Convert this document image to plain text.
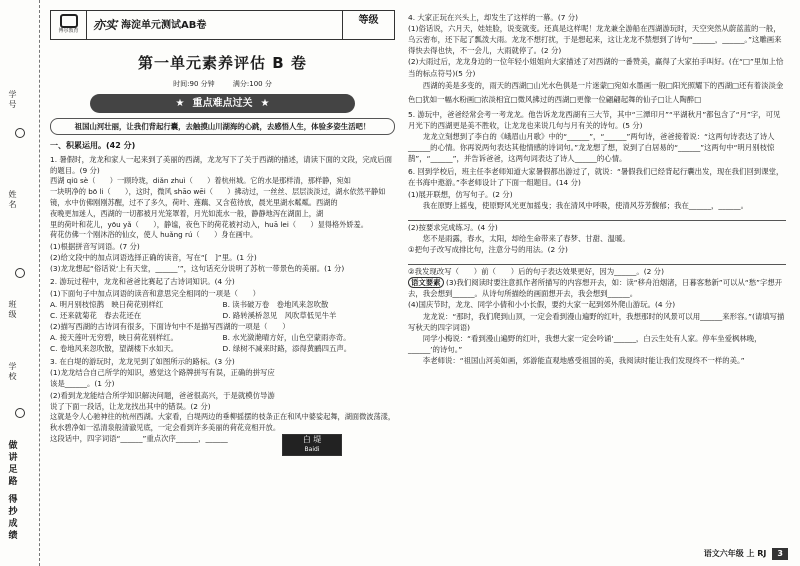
学号
姓名
班级
学校
做讲足路 得抄成绩
博尔教育 亦实 海淀单元测试AB卷	等级
第一单元素养评估 B 卷
时间:90 分钟	满分:100 分
★ 重点难点过关 ★
祖国山河壮丽，让我们背起行囊，去触摸山川湖海的心跳，去感悟人生，体验多姿生活吧！
一、积累运用。(42 分)

1. 暑假时，龙龙和家人一起来到了美丽的西湖，龙龙写下了关于西湖的描述，请读下面的文段，完成后面的题目。(9 分)

西湖 qiū sè（　　）一顾玲珑，diǎn zhuì（　　）着杭州城。它的水是那样清，那样静，宛如

一块明净的 bō li（　　），这时，微风 shāo wēi（　　）拂动过，一丝丝、层层淡淡过，湖水依然平静如

镜，水中仿佛刚刚苏醒，过不了多久，荷叶、莲藕、又含苞待放，晨光里湖水粼粼。西湖的

夜晚更加迷人，西湖的一切都被月光笼罩着，月光如流水一般，静静地泻在湖面上，湖

里的荷叶和花儿，yōu yǎ（　　），静谧，夜色下的荷花被衬动入，huā lei（　　）显得格外娇羞。

荷花仿佛一个刚沐浴的仙女，使人 huǎng rú（　　）身在画中。

(1)根据拼音写词语。(7 分)

(2)给文段中的加点词语选择正确的读音，写在“[　]”里。(1 分)

(3)龙龙想起“俗话说‘上有天堂，______’”，这句话充分说明了苏杭一带景色的美丽。(1 分)

2. 游玩过程中，龙龙和爸爸比赛起了古诗词知识。(4 分)

(1)下面句子中加点词语的读音和意思完全相同的一项是（　　）

A. 明月别枝惊鹊　映日荷花别样红	B. 读书破万卷　卷地风来忽吹散
C. 还来就菊花　春去花还在	D. 路转溪桥忽见　风吹草低见牛羊

(2)描写西湖的古诗词有很多，下面诗句中不是描写西湖的一项是（　　）

A. 接天莲叶无穷碧，映日荷花别样红。	B. 水光潋滟晴方好，山色空蒙雨亦奇。
C. 卷地风来忽吹散，望湖楼下水如天。	D. 绿树不减来时路，添得黄鹂四五声。

3. 在白堤的游玩时，龙龙见到了如图所示的路标。(3 分)

(1)龙龙结合自己所学的知识，感觉这个路牌拼写有误，正确的拼写应该是______。(1 分)

(2)看到龙龙能结合所学知识解决问题，爸爸很高兴，于是就模仿导游说了下面一段话，让龙龙找出其中的错误。(2 分)

这就是令人心驰神往的杭州西湖。大家看，白堤两边的垂柳摇摆的枝条正在和风中婆娑起舞，湖面微波荡漾，秋水碧净如一泓清泉般清澈见底，一定会看到许多美丽的荷花竞相开放。

这段话中，四字词语“______”重点次序______，______	白 堤
Baidi

4. 大家正玩在兴头上，却发生了这样的一幕。(7 分)

(1)俗话说，六月天，娃娃脸，说变就变。还真是这样呢！龙龙兼全游船在西湖游玩时，天空突然从蔚蓝蓝的一般，乌云密布，还下起了瓢泼大雨。龙龙不想打扰，于是想起来，这让龙龙不禁想到了诗句“______，______。”这雕画来得快去得也快，不一会儿，大雨就停了。(2 分)

(2)大雨过后，龙龙身边的一位年轻小姐姐向大家描述了对西湖的一番赞美，赢得了大家拍手叫好。(在“□”里加上恰当的标点符号)(5 分)

西湖的美是多变的，雨天的西湖□山光水色俱是一片迷蒙□宛如水墨画一般□阳光照耀下的西湖□还有着淡淡金色□犹如一幅水粉画□浓淡相宜□微风拂过的西湖□更像一位翩翩起舞的仙子□让人陶醉□

5. 游玩中，爸爸经常会考一考龙龙。他告诉龙龙西湖有三大节，其中“三潭印月”“平湖秋月”都包含了“月”字，可见月光下的西湖更是美不胜收，让龙龙也来说几句与月有关的诗句。(5 分)

龙龙立刻想到了李白的《峨眉山月歌》中的“______”，“______”两句诗，爸爸接着说：“这两句诗表达了诗人______的心情。你再说两句表达其他情感的诗词句。”龙龙想了想，说到了白居易的“______”这两句中“明月别枝惊鹊”，“______”，并告诉爸爸，这两句词表达了诗人______的心情。

6. 回到学校后，班主任李老师知道大家暑假都出游过了，就说：“暑假我们已经背起行囊出发，现在我们回到课堂，在书海中遨游。”李老师设计了下面一组题目。(14 分)

(1)展开联想，仿写句子。(2 分)

我在原野上摇曳，使原野风光更加摇曳；我在清风中呼吸，使清风芬芳馥郁；我在______，______。

(2)按要求完成练习。(4 分)

您不是雨露，春水，太阳，却给生命带来了春梦、甘甜、温暖。

①把句子改写成排比句，注意分号的用法。(2 分)

②我发现改写（　　）前（　　）后的句子表达效果更好，因为______。(2 分)

语文要素 (3)我们阅读时要注意抓作者所描写的内容想开去，如：读“移舟泊烟渚，日暮客愁新”可以从“愁”字想开去，我会想到______。从诗句所描绘的画面想开去，我会想到______。

(4)国庆节时，龙龙、同学小倩和小小长假，要约大家一起到郊外爬山游玩。(4 分)

龙龙说：“那时，我们爬到山顶，一定会看到漫山遍野的红叶，我想那时的风景可以用______来形容。”(请填写描写秋天的四字词语)

同学小梅说：“看到漫山遍野的红叶，我想大家一定会吟诵‘______，白云生处有人家。停车坐爱枫林晚，______’的诗句。”

李老师说：“祖国山河美如画，郊游能直观地感受祖国的美，我阅读时能让我们发现终不一样的美。”

语文六年级 上 RJ 3
